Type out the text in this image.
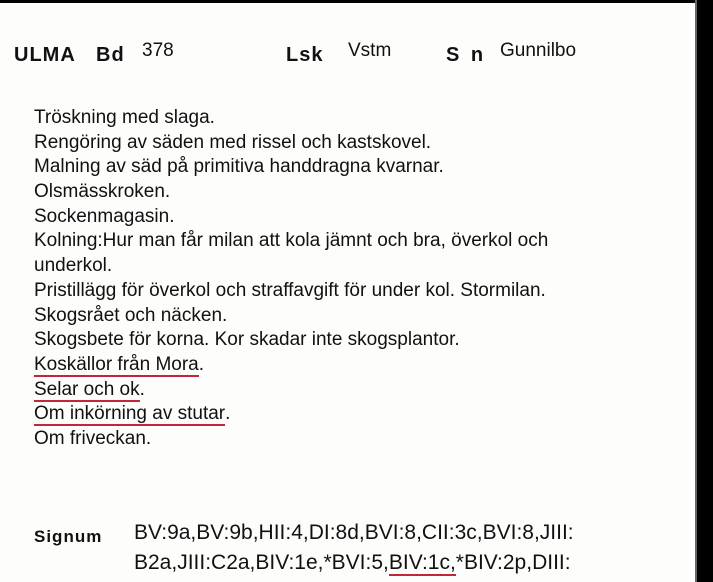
ULMA Bd 378	Lsk Vstm	S n Gunnilbo
Tröskning med slaga.
Rengöring av säden med rissel och kastskovel.
Malning av säd på primitiva handdragna kvarnar.
Olsmässkroken.
Sockenmagasin.
Kolning:Hur man får milan att kola jämnt och bra, överkol och
underkol.
Pristillägg för överkol och straffavgift för under kol. Stormilan.
Skogsrået och näcken.
Skogsbete för korna. Kor skadar inte skogsplantor.
Koskällor från Mora.
Selar och ok.
Om inkörning av stutar.
Om friveckan.
Signum BV:9a,BV:9b,HII:4,DI:8d,BVI:8,CII:3c,BVI:8,JIII:
B2a,JIII:C2a,BIV:1e,*BVI:5,BIV:1c,*BIV:2p,DIII:
